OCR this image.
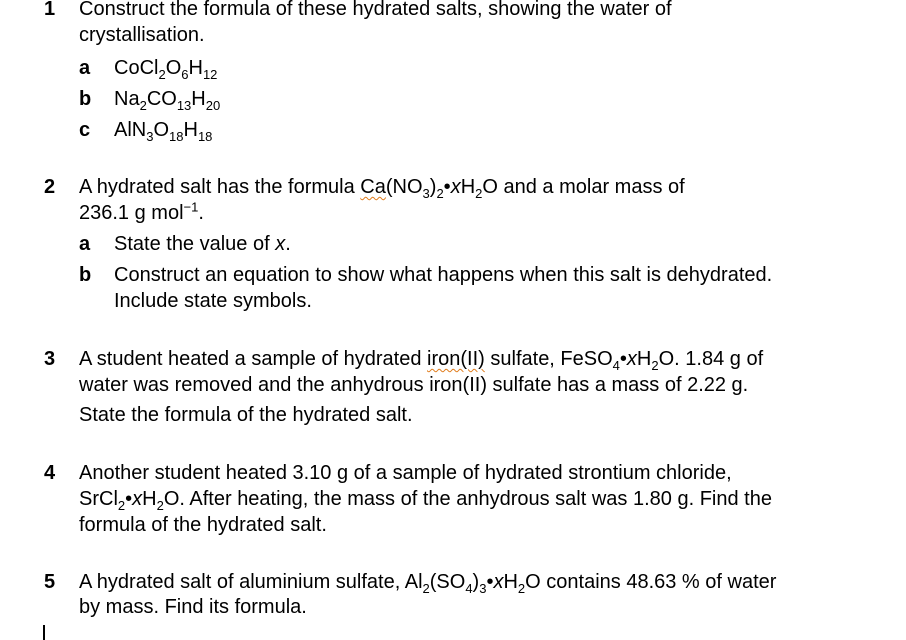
1 Construct the formula of these hydrated salts, showing the water of
crystallisation.
a $CoCl_2O_6H_{12}$
b $Na_2CO_{13}H_{20}$
c $AlN_3O_{18}H_{18}$
2 A hydrated salt has the formula $Ca(NO_3)_2•xH_2O$ and a molar mass of
236.1 g mol$^{-1}$.
a State the value of x.
b Construct an equation to show what happens when this salt is dehydrated.
Include state symbols.
3 A student heated a sample of hydrated iron(II) sulfate, $FeSO_4•xH_2O$. 1.84 g of
water was removed and the anhydrous iron(II) sulfate has a mass of 2.22 g.
State the formula of the hydrated salt.
4 Another student heated 3.10 g of a sample of hydrated strontium chloride,
$SrCl_2•xH_2O$. After heating, the mass of the anhydrous salt was 1.80 g. Find the
formula of the hydrated salt.
5 A hydrated salt of aluminium sulfate, $Al_2(SO_4)_3•xH_2O$ contains 48.63 % of water
by mass. Find its formula.
